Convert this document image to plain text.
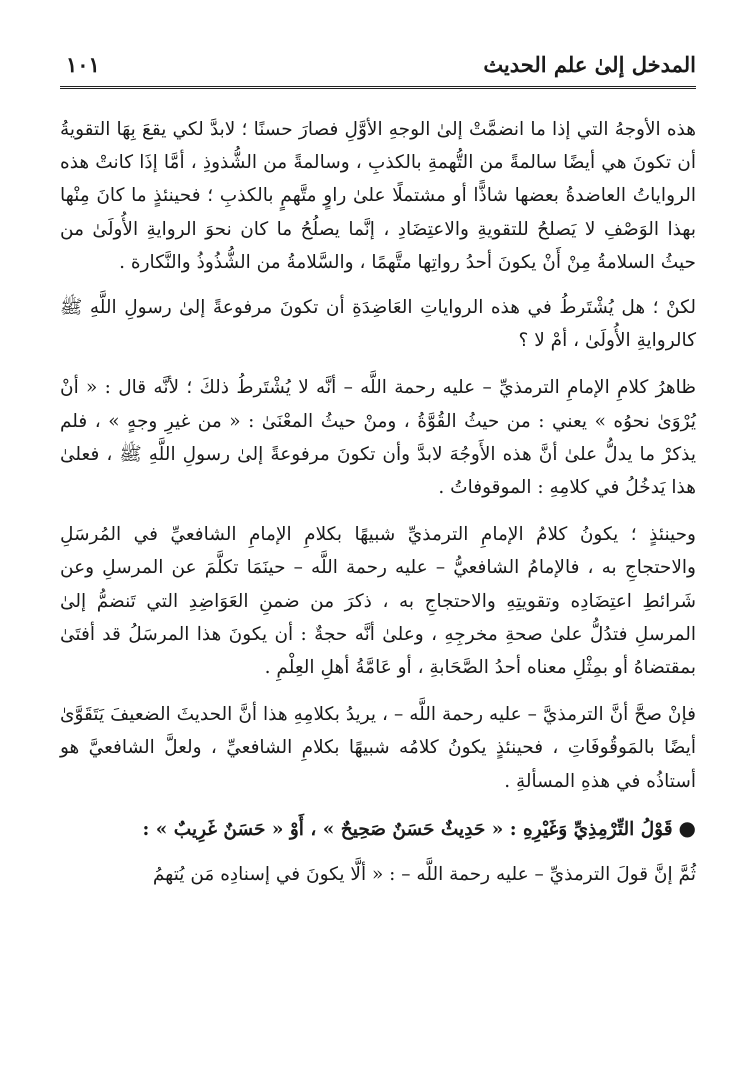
المدخل إلىٰ علم الحديث
١٠١

هذه الأوجهُ التي إذا ما انضمَّتْ إلىٰ الوجهِ الأوَّلِ فصارَ حسنًا ؛ لابدَّ لكي يقعَ بِهَا التقويةُ أن تكونَ هي أيضًا سالمةً من التُّهمةِ بالكذبِ ، وسالمةً من الشُّذوذِ ، أمَّا إذَا كانتْ هذه الرواياتُ العاضدةُ بعضها شاذًّا أو مشتملًا علىٰ راوٍ متَّهمٍ بالكذبِ ؛ فحينئذٍ ما كانَ مِنْها بهذا الوَصْفِ لا يَصلحُ للتقويةِ والاعتِضَادِ ، إنَّما يصلُحُ ما كان نحوَ الروايةِ الأُولَىٰ من حيثُ السلامةُ مِنْ أَنْ يكونَ أحدُ رواتِها متَّهمًا ، والسَّلامةُ من الشُّذُوذُ والنَّكارة .

لكنْ ؛ هل يُشْتَرطُ في هذه الرواياتِ العَاضِدَةِ أن تكونَ مرفوعةً إلىٰ رسولِ اللَّهِ ﷺ كالروايةِ الأُولَىٰ ، أمْ لا ؟

ظاهرُ كلامِ الإمامِ الترمذيِّ – عليه رحمة اللَّه – أنَّه لا يُشْتَرطُ ذلكَ ؛ لأنَّه قال : « أنْ يُرْوَىٰ نحوُه » يعني : من حيثُ القُوَّةُ ، ومنْ حيثُ المعْنَىٰ : « من غيرِ وجهٍ » ، فلم يذكرْ ما يدلُّ علىٰ أنَّ هذه الأَوجُهَ لابدَّ وأن تكونَ مرفوعةً إلىٰ رسولِ اللَّهِ ﷺ ، فعلىٰ هذا يَدخُلُ في كلامِهِ : الموقوفاتُ .

وحينئذٍ ؛ يكونُ كلامُ الإمامِ الترمذيِّ شبيهًا بكلامِ الإمامِ الشافعيِّ في المُرسَلِ والاحتجاجِ به ، فالإمامُ الشافعيُّ – عليه رحمة اللَّه – حينَمَا تكلَّمَ عن المرسلِ وعن شَرائطِ اعتِضَادِه وتقويتِهِ والاحتجاجِ به ، ذكرَ من ضمنِ العَوَاضِدِ التي تَنضمُّ إلىٰ المرسلِ فتدُلُّ علىٰ صحةِ مخرجِهِ ، وعلىٰ أنَّه حجةٌ : أن يكونَ هذا المرسَلُ قد أفتَىٰ بمقتضاهُ أو بمِثْلِ معناه أحدُ الصَّحَابةِ ، أو عَامَّةُ أهلِ العِلْمِ .

فإنْ صحَّ أنَّ الترمذيَّ – عليه رحمة اللَّه – ، يريدُ بكلامِهِ هذا أنَّ الحديثَ الضعيفَ يَتَقَوَّىٰ أيضًا بالمَوقُوفَاتِ ، فحينئذٍ يكونُ كلامُه شبيهًا بكلامِ الشافعيِّ ، ولعلَّ الشافعيَّ هو أستاذُه في هذهِ المسألةِ .

●قَوْلُ التِّرْمِذِيِّ وَغَيْرِهِ : « حَدِيثٌ حَسَنٌ صَحِيحٌ » ، أَوْ « حَسَنٌ غَرِيبٌ » :

ثُمَّ إنَّ قولَ الترمذيِّ – عليه رحمة اللَّه – : « ألَّا يكونَ في إسنادِه مَن يُتهمُ
